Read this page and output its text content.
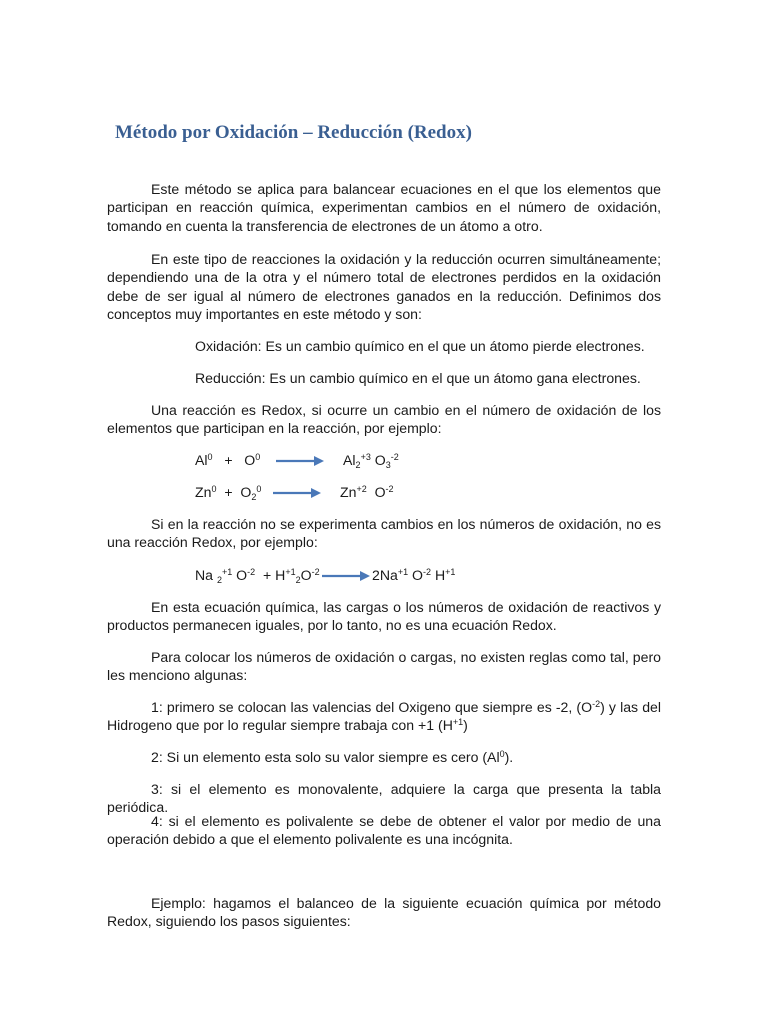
Método por Oxidación – Reducción (Redox)

Este método se aplica para balancear ecuaciones en el que los elementos que participan en reacción química, experimentan cambios en el número de oxidación, tomando en cuenta la transferencia de electrones de un átomo a otro.

En este tipo de reacciones la oxidación y la reducción ocurren simultáneamente; dependiendo una de la otra y el número total de electrones perdidos en la oxidación debe de ser igual al número de electrones ganados en la reducción. Definimos dos conceptos muy importantes en este método y son:

Oxidación: Es un cambio químico en el que un átomo pierde electrones.

Reducción: Es un cambio químico en el que un átomo gana electrones.

Una reacción es Redox, si ocurre un cambio en el número de oxidación de los elementos que participan en la reacción, por ejemplo:

$Al^0 + O^0$	$Al_2^{+3}$ $O_3^{-2}$
$Zn^0 + O_2^0$	$Zn^{+2}$ $O^{-2}$

Si en la reacción no se experimenta cambios en los números de oxidación, no es una reacción Redox, por ejemplo:

Na $_2^{+1}$ $O^{-2} + H^{+1}_2O^{-2}$	$2Na^{+1}$ $O^{-2}$ $H^{+1}$

En esta ecuación química, las cargas o los números de oxidación de reactivos y productos permanecen iguales, por lo tanto, no es una ecuación Redox.

Para colocar los números de oxidación o cargas, no existen reglas como tal, pero les menciono algunas:

1: primero se colocan las valencias del Oxigeno que siempre es -2, $(O^{-2})$ y las del Hidrogeno que por lo regular siempre trabaja con +1 $(H^{+1})$

2: Si un elemento esta solo su valor siempre es cero (Al$^0$).

3: si el elemento es monovalente, adquiere la carga que presenta la tabla periódica.

4: si el elemento es polivalente se debe de obtener el valor por medio de una operación debido a que el elemento polivalente es una incógnita.

Ejemplo: hagamos el balanceo de la siguiente ecuación química por método Redox, siguiendo los pasos siguientes:
